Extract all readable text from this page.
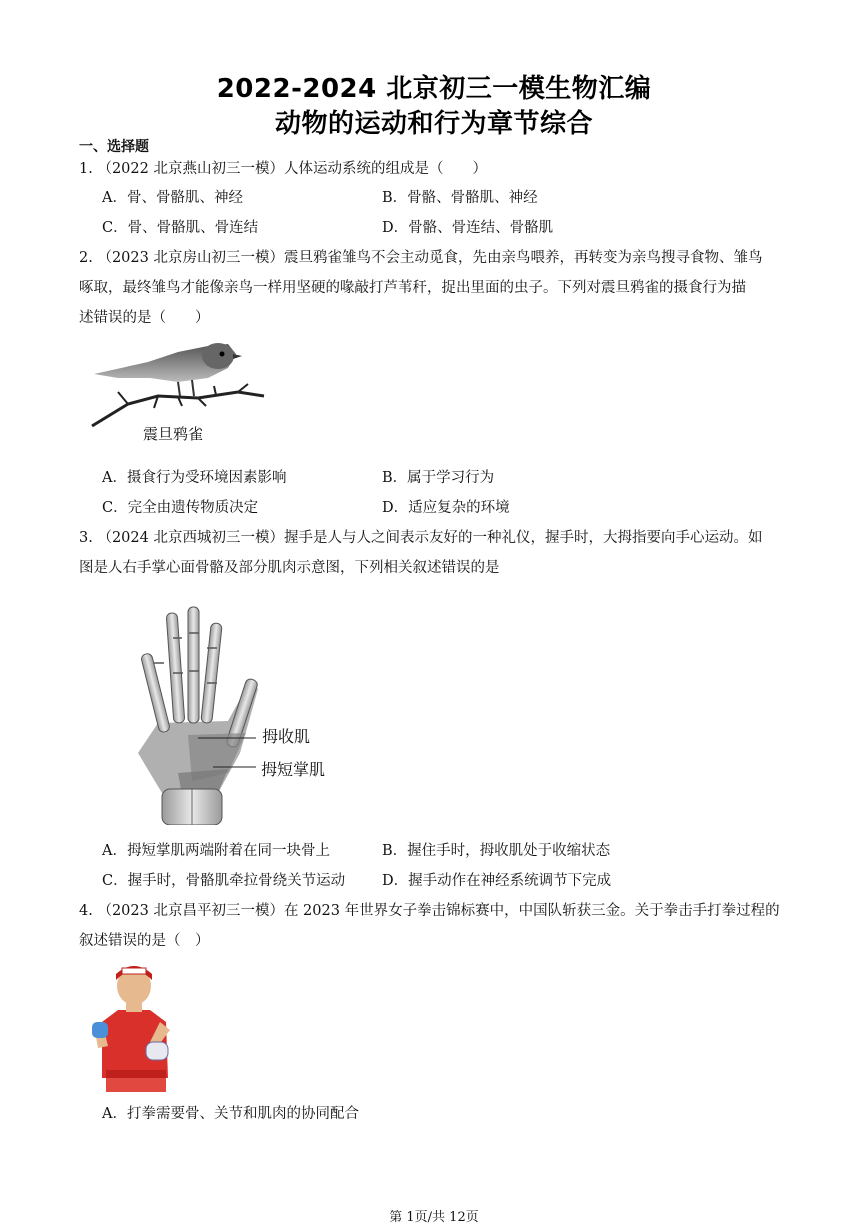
2022-2024 北京初三一模生物汇编
动物的运动和行为章节综合
一、选择题
1. （2022 北京燕山初三一模）人体运动系统的组成是（　　）
A．骨、骨骼肌、神经	B．骨骼、骨骼肌、神经
C．骨、骨骼肌、骨连结	D．骨骼、骨连结、骨骼肌
2. （2023 北京房山初三一模）震旦鸦雀雏鸟不会主动觅食，先由亲鸟喂养，再转变为亲鸟搜寻食物、雏鸟
啄取，最终雏鸟才能像亲鸟一样用坚硬的喙敲打芦苇秆，捉出里面的虫子。下列对震旦鸦雀的摄食行为描
述错误的是（　　）
震旦鸦雀
A．摄食行为受环境因素影响	B．属于学习行为
C．完全由遗传物质决定	D．适应复杂的环境
3. （2024 北京西城初三一模）握手是人与人之间表示友好的一种礼仪，握手时，大拇指要向手心运动。如
图是人右手掌心面骨骼及部分肌肉示意图，下列相关叙述错误的是
拇收肌
拇短掌肌
A．拇短掌肌两端附着在同一块骨上	B．握住手时，拇收肌处于收缩状态
C．握手时，骨骼肌牵拉骨绕关节运动	D．握手动作在神经系统调节下完成
4. （2023 北京昌平初三一模）在 2023 年世界女子拳击锦标赛中，中国队斩获三金。关于拳击手打拳过程的
叙述错误的是（　）
A．打拳需要骨、关节和肌肉的协同配合
第 1页/共 12页
